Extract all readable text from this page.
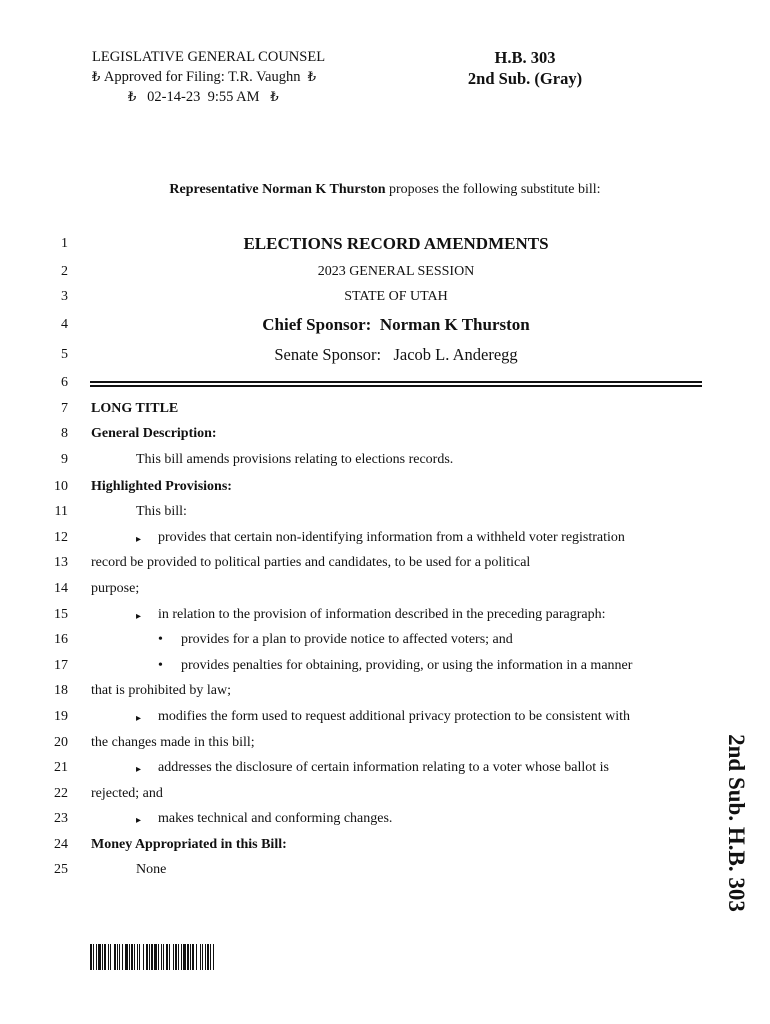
LEGISLATIVE GENERAL COUNSEL
₺
Approved for Filing: T.R. Vaughn
₺
₺
02-14-23  9:55 AM
₺
H.B. 303
2nd Sub. (Gray)
Representative Norman K Thurston proposes the following substitute bill:
1
2
3
4
5
6
7
8
9
10
11
12
13
14
15
16
17
18
19
20
21
22
23
24
25
ELECTIONS RECORD AMENDMENTS
2023 GENERAL SESSION
STATE OF UTAH
Chief Sponsor:  Norman K Thurston
Senate Sponsor:   Jacob L. Anderegg
LONG TITLE
General Description:
This bill amends provisions relating to elections records.
Highlighted Provisions:
This bill:
▸ provides that certain non-identifying information from a withheld voter registration
record be provided to political parties and candidates, to be used for a political
purpose;
▸ in relation to the provision of information described in the preceding paragraph:
• provides for a plan to provide notice to affected voters; and
• provides penalties for obtaining, providing, or using the information in a manner
that is prohibited by law;
▸ modifies the form used to request additional privacy protection to be consistent with
the changes made in this bill;
▸ addresses the disclosure of certain information relating to a voter whose ballot is
rejected; and
▸ makes technical and conforming changes.
Money Appropriated in this Bill:
None	2nd Sub. H.B. 303
